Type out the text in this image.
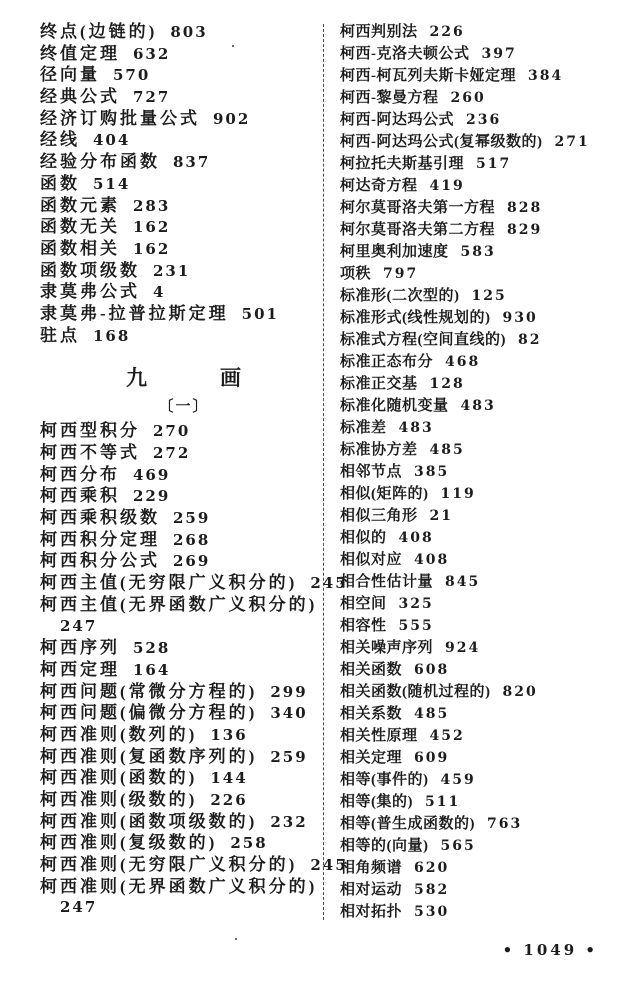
终点(边链的) 803
终值定理 632
径向量 570
经典公式 727
经济订购批量公式 902
经线 404
经验分布函数 837
函数 514
函数元素 283
函数无关 162
函数相关 162
函数项级数 231
隶莫弗公式 4
隶莫弗-拉普拉斯定理 501
驻点 168
九	画
〔一〕
柯西型积分 270
柯西不等式 272
柯西分布 469
柯西乘积 229
柯西乘积级数 259
柯西积分定理 268
柯西积分公式 269
柯西主值(无穷限广义积分的) 245
柯西主值(无界函数广义积分的)
247
柯西序列 528
柯西定理 164
柯西问题(常微分方程的) 299
柯西问题(偏微分方程的) 340
柯西准则(数列的) 136
柯西准则(复函数序列的) 259
柯西准则(函数的) 144
柯西准则(级数的) 226
柯西准则(函数项级数的) 232
柯西准则(复级数的) 258
柯西准则(无穷限广义积分的) 245
柯西准则(无界函数广义积分的)
247
柯西判别法 226
柯西-克洛夫顿公式 397
柯西-柯瓦列夫斯卡娅定理 384
柯西-黎曼方程 260
柯西-阿达玛公式 236
柯西-阿达玛公式(复幂级数的) 271
柯拉托夫斯基引理 517
柯达奇方程 419
柯尔莫哥洛夫第一方程 828
柯尔莫哥洛夫第二方程 829
柯里奥利加速度 583
项秩 797
标准形(二次型的) 125
标准形式(线性规划的) 930
标准式方程(空间直线的) 82
标准正态布分 468
标准正交基 128
标准化随机变量 483
标准差 483
标准协方差 485
相邻节点 385
相似(矩阵的) 119
相似三角形 21
相似的 408
相似对应 408
相合性估计量 845
相空间 325
相容性 555
相关噪声序列 924
相关函数 608
相关函数(随机过程的) 820
相关系数 485
相关性原理 452
相关定理 609
相等(事件的) 459
相等(集的) 511
相等(普生成函数的) 763
相等的(向量) 565
相角频谱 620
相对运动 582
相对拓扑 530
• 1049 •
